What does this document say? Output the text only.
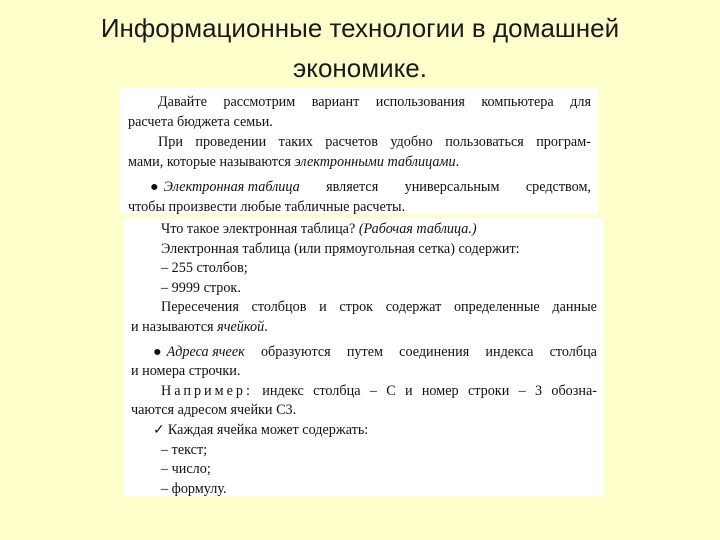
Информационные технологии в домашней
экономике.
Давайте рассмотрим вариант использования компьютера для
расчета бюджета семьи.
При проведении таких расчетов удобно пользоваться програм-
мами, которые называются электронными таблицами.
● Электронная таблица является универсальным средством,
чтобы произвести любые табличные расчеты.
Что такое электронная таблица? (Рабочая таблица.)
Электронная таблица (или прямоугольная сетка) содержит:
– 255 столбов;
– 9999 строк.
Пересечения столбцов и строк содержат определенные данные
и называются ячейкой.
● Адреса ячеек образуются путем соединения индекса столбца
и номера строчки.
Например: индекс столбца – С и номер строки – 3 обозна-
чаются адресом ячейки С3.
✓ Каждая ячейка может содержать:
– текст;
– число;
– формулу.
